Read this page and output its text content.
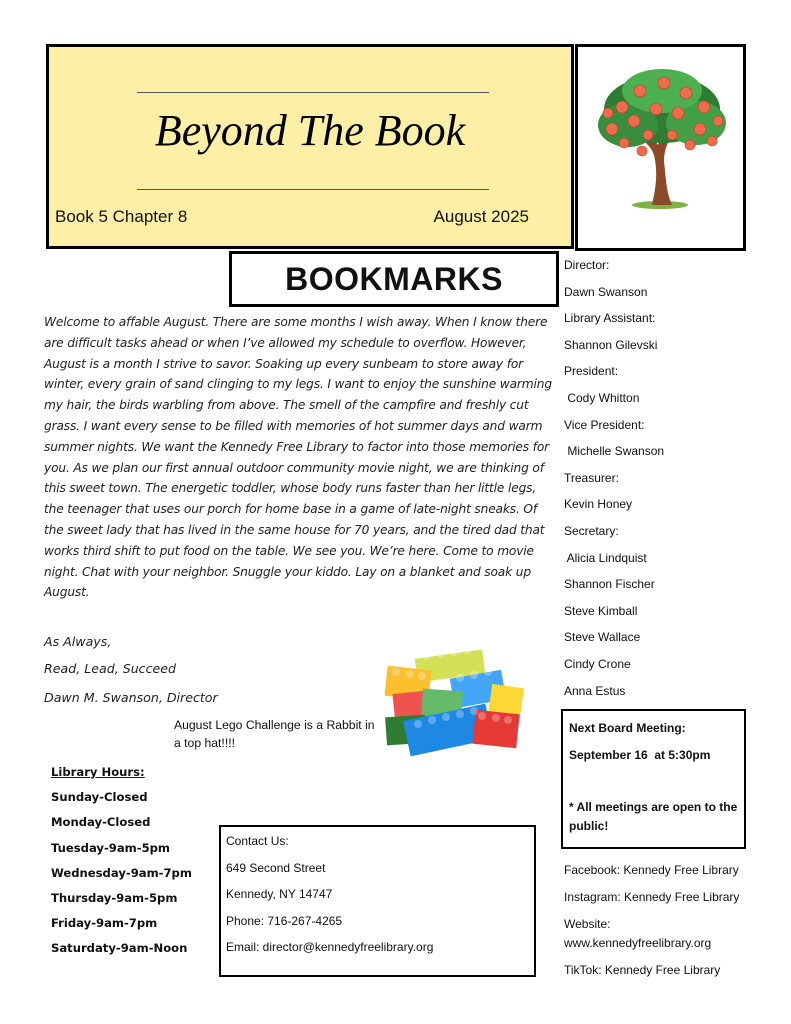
Beyond The Book
Book 5 Chapter 8	August 2025
BOOKMARKS
Welcome to affable August. There are some months I wish away. When I know there are difficult tasks ahead or when I’ve allowed my schedule to overflow. However, August is a month I strive to savor. Soaking up every sunbeam to store away for winter, every grain of sand clinging to my legs. I want to enjoy the sunshine warming my hair, the birds warbling from above. The smell of the campfire and freshly cut grass. I want every sense to be filled with memories of hot summer days and warm summer nights. We want the Kennedy Free Library to factor into those memories for you. As we plan our first annual outdoor community movie night, we are thinking of this sweet town. The energetic toddler, whose body runs faster than her little legs, the teenager that uses our porch for home base in a game of late-night sneaks. Of the sweet lady that has lived in the same house for 70 years, and the tired dad that works third shift to put food on the table. We see you. We’re here. Come to movie night. Chat with your neighbor. Snuggle your kiddo. Lay on a blanket and soak up August.
As Always,
Read, Lead, Succeed
Dawn M. Swanson, Director
August Lego Challenge is a Rabbit in a top hat!!!!
Library Hours:
Sunday-Closed
Monday-Closed
Tuesday-9am-5pm
Wednesday-9am-7pm
Thursday-9am-5pm
Friday-9am-7pm
Saturdaty-9am-Noon
Contact Us:
649 Second Street
Kennedy, NY 14747
Phone: 716-267-4265
Email: director@kennedyfreelibrary.org
Director:
Dawn Swanson
Library Assistant:
Shannon Gilevski
President:
Cody Whitton
Vice President:
Michelle Swanson
Treasurer:
Kevin Honey
Secretary:
Alicia Lindquist
Shannon Fischer
Steve Kimball
Steve Wallace
Cindy Crone
Anna Estus
Next Board Meeting:
September 16  at 5:30pm
* All meetings are open to the public!
Facebook: Kennedy Free Library
Instagram: Kennedy Free Library
Website:
www.kennedyfreelibrary.org
TikTok: Kennedy Free Library
